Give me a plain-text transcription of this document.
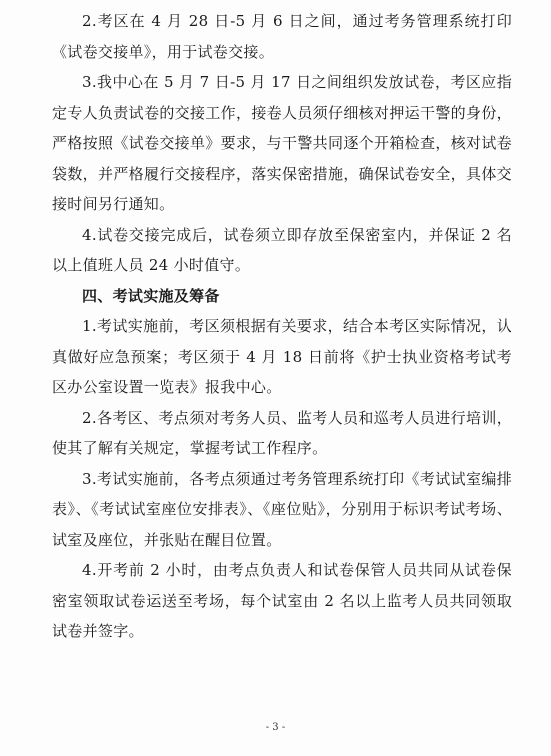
2.考区在 4 月 28 日-5 月 6 日之间，通过考务管理系统打印《试卷交接单》，用于试卷交接。

3.我中心在 5 月 7 日-5 月 17 日之间组织发放试卷，考区应指定专人负责试卷的交接工作，接卷人员须仔细核对押运干警的身份，严格按照《试卷交接单》要求，与干警共同逐个开箱检查，核对试卷袋数，并严格履行交接程序，落实保密措施，确保试卷安全，具体交接时间另行通知。

4.试卷交接完成后，试卷须立即存放至保密室内，并保证 2 名以上值班人员 24 小时值守。

四、考试实施及筹备

1.考试实施前，考区须根据有关要求，结合本考区实际情况，认真做好应急预案；考区须于 4 月 18 日前将《护士执业资格考试考区办公室设置一览表》报我中心。

2.各考区、考点须对考务人员、监考人员和巡考人员进行培训，使其了解有关规定，掌握考试工作程序。

3.考试实施前，各考点须通过考务管理系统打印《考试试室编排表》、《考试试室座位安排表》、《座位贴》，分别用于标识考试考场、试室及座位，并张贴在醒目位置。

4.开考前 2 小时，由考点负责人和试卷保管人员共同从试卷保密室领取试卷运送至考场，每个试室由 2 名以上监考人员共同领取试卷并签字。

- 3 -
